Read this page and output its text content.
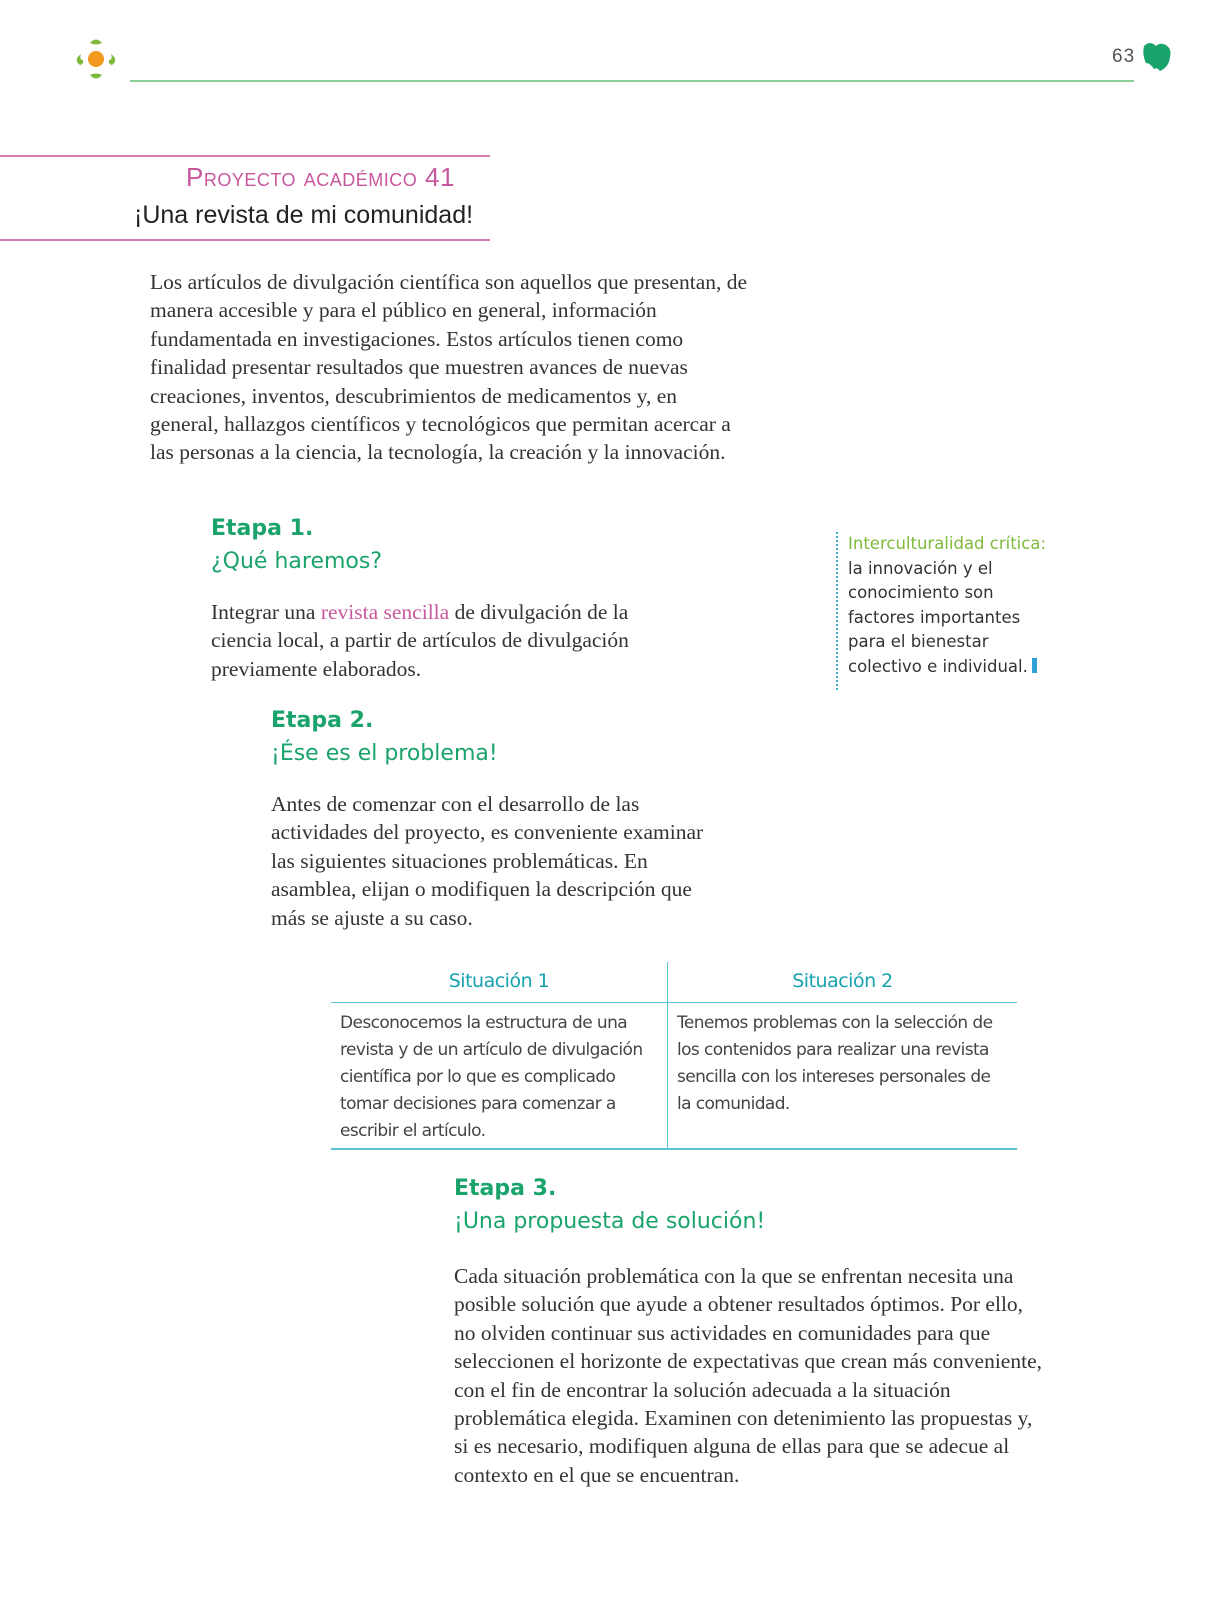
63
Proyecto académico 41
¡Una revista de mi comunidad!
Los artículos de divulgación científica son aquellos que presentan, de manera accesible y para el público en general, información fundamentada en investigaciones. Estos artículos tienen como finalidad presentar resultados que muestren avances de nuevas creaciones, inventos, descubrimientos de medicamentos y, en general, hallazgos científicos y tecnológicos que permitan acercar a las personas a la ciencia, la tecnología, la creación y la innovación.
Etapa 1.
¿Qué haremos?
Integrar una revista sencilla de divulgación de la ciencia local, a partir de artículos de divulgación previamente elaborados.
Interculturalidad crítica: la innovación y el conocimiento son factores importantes para el bienestar colectivo e individual.
Etapa 2.
¡Ése es el problema!
Antes de comenzar con el desarrollo de las actividades del proyecto, es conveniente examinar las siguientes situaciones problemáticas. En asamblea, elijan o modifiquen la descripción que más se ajuste a su caso.
Situación 1	Situación 2
Desconocemos la estructura de una revista y de un artículo de divulgación científica por lo que es complicado tomar decisiones para comenzar a escribir el artículo.
Tenemos problemas con la selección de los contenidos para realizar una revista sencilla con los intereses personales de la comunidad.
Etapa 3.
¡Una propuesta de solución!
Cada situación problemática con la que se enfrentan necesita una posible solución que ayude a obtener resultados óptimos. Por ello, no olviden continuar sus actividades en comunidades para que seleccionen el horizonte de expectativas que crean más conveniente, con el fin de encontrar la solución adecuada a la situación problemática elegida. Examinen con detenimiento las propuestas y, si es necesario, modifiquen alguna de ellas para que se adecue al contexto en el que se encuentran.
